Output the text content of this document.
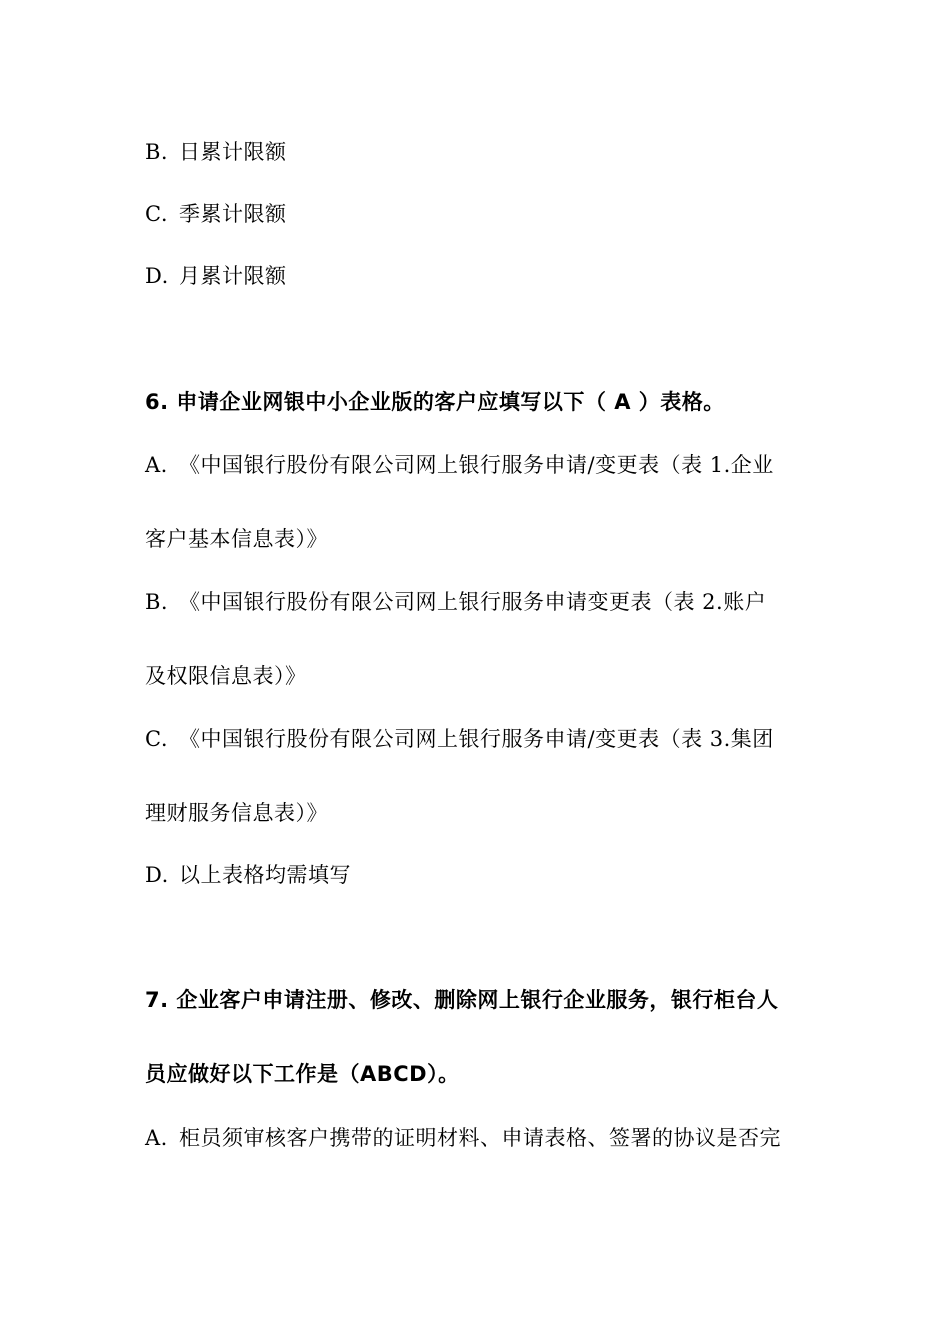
B. 日累计限额
C. 季累计限额
D. 月累计限额
6. 申请企业网银中小企业版的客户应填写以下（ A ）表格。
A. 《中国银行股份有限公司网上银行服务申请/变更表（表 1.企业
客户基本信息表）》
B. 《中国银行股份有限公司网上银行服务申请变更表（表 2.账户
及权限信息表）》
C. 《中国银行股份有限公司网上银行服务申请/变更表（表 3.集团
理财服务信息表）》
D. 以上表格均需填写
7. 企业客户申请注册、修改、删除网上银行企业服务，银行柜台人
员应做好以下工作是（ABCD）。
A. 柜员须审核客户携带的证明材料、申请表格、签署的协议是否完
